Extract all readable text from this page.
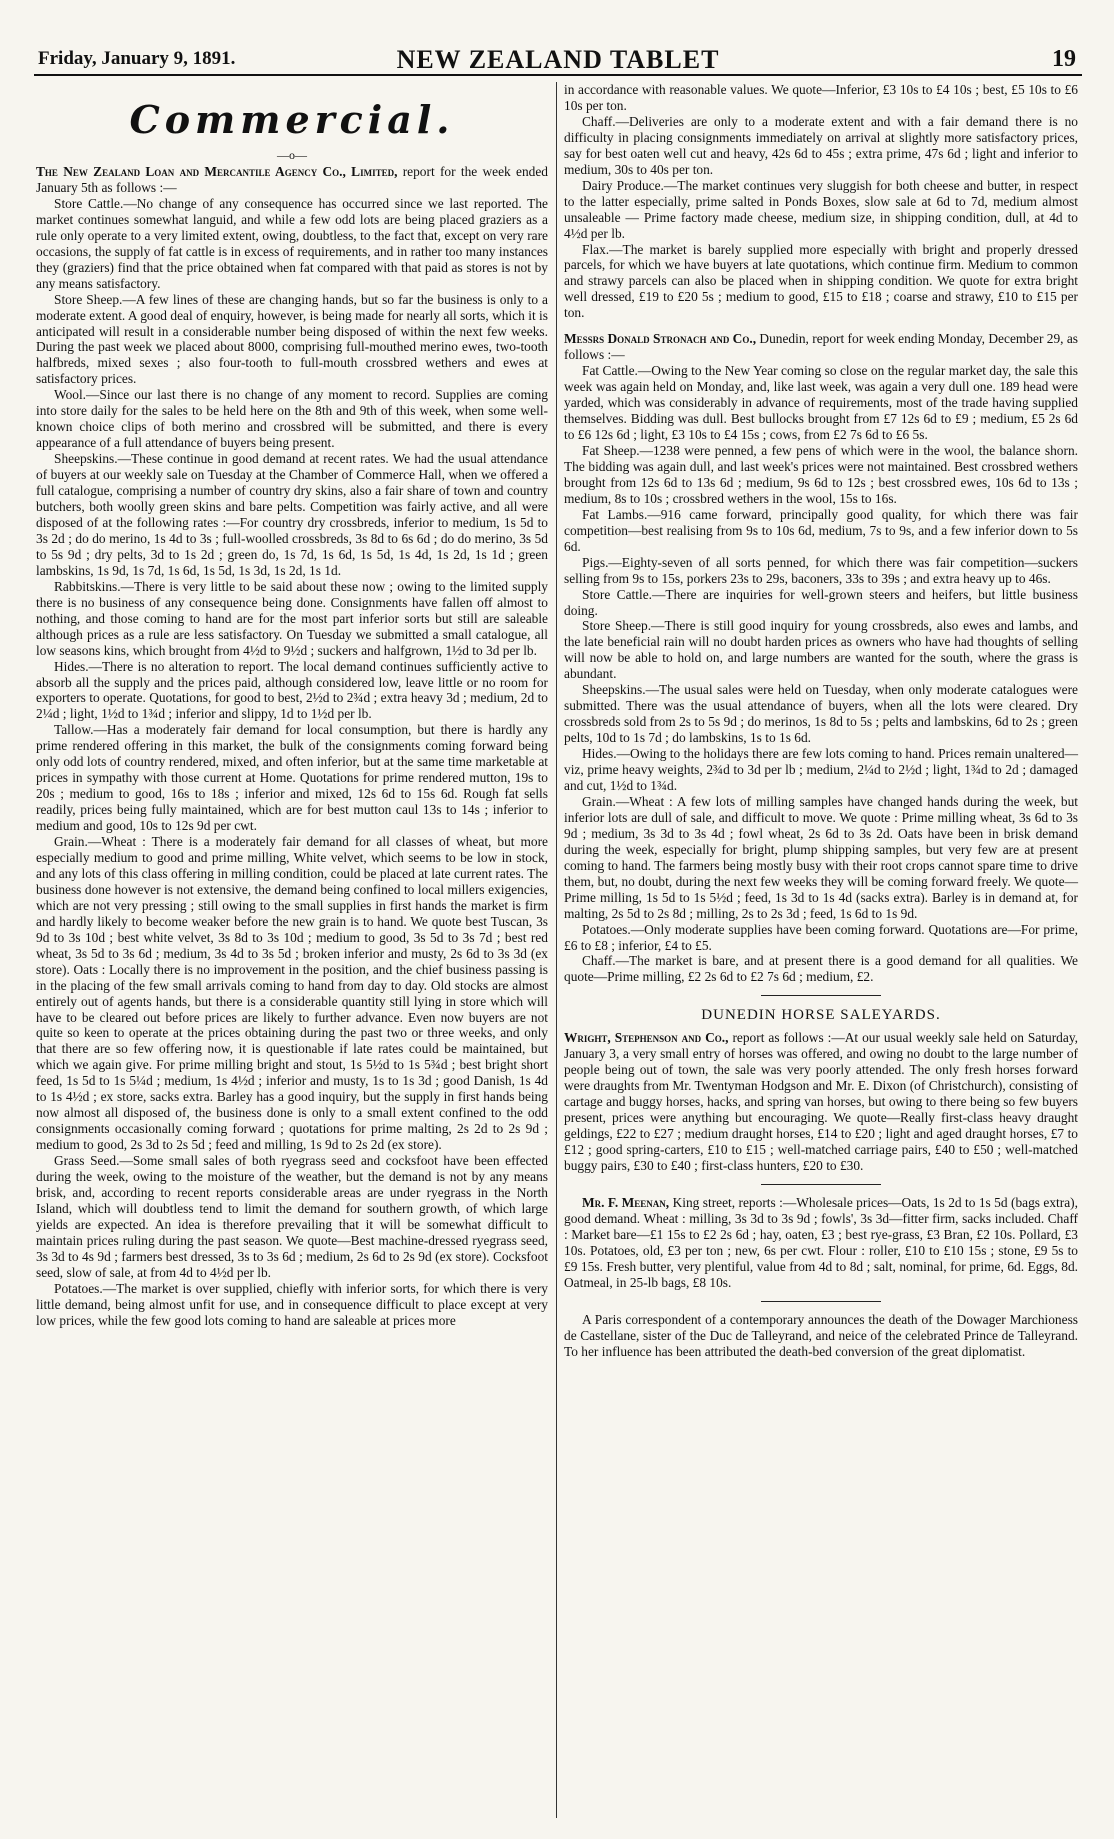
Friday, January 9, 1891.	NEW ZEALAND TABLET	19
Commercial.
—o—

The New Zealand Loan and Mercantile Agency Co., Limited, report for the week ended January 5th as follows :—

Store Cattle.—No change of any consequence has occurred since we last reported. The market continues somewhat languid, and while a few odd lots are being placed graziers as a rule only operate to a very limited extent, owing, doubtless, to the fact that, except on very rare occasions, the supply of fat cattle is in excess of requirements, and in rather too many instances they (graziers) find that the price obtained when fat compared with that paid as stores is not by any means satisfactory.

Store Sheep.—A few lines of these are changing hands, but so far the business is only to a moderate extent. A good deal of enquiry, however, is being made for nearly all sorts, which it is anticipated will result in a considerable number being disposed of within the next few weeks. During the past week we placed about 8000, comprising full-mouthed merino ewes, two-tooth halfbreds, mixed sexes ; also four-tooth to full-mouth crossbred wethers and ewes at satisfactory prices.

Wool.—Since our last there is no change of any moment to record. Supplies are coming into store daily for the sales to be held here on the 8th and 9th of this week, when some well-known choice clips of both merino and crossbred will be submitted, and there is every appearance of a full attendance of buyers being present.

Sheepskins.—These continue in good demand at recent rates. We had the usual attendance of buyers at our weekly sale on Tuesday at the Chamber of Commerce Hall, when we offered a full catalogue, comprising a number of country dry skins, also a fair share of town and country butchers, both woolly green skins and bare pelts. Competition was fairly active, and all were disposed of at the following rates :—For country dry crossbreds, inferior to medium, 1s 5d to 3s 2d ; do do merino, 1s 4d to 3s ; full-woolled crossbreds, 3s 8d to 6s 6d ; do do merino, 3s 5d to 5s 9d ; dry pelts, 3d to 1s 2d ; green do, 1s 7d, 1s 6d, 1s 5d, 1s 4d, 1s 2d, 1s 1d ; green lambskins, 1s 9d, 1s 7d, 1s 6d, 1s 5d, 1s 3d, 1s 2d, 1s 1d.

Rabbitskins.—There is very little to be said about these now ; owing to the limited supply there is no business of any consequence being done. Consignments have fallen off almost to nothing, and those coming to hand are for the most part inferior sorts but still are saleable although prices as a rule are less satisfactory. On Tuesday we submitted a small catalogue, all low seasons kins, which brought from 4½d to 9½d ; suckers and halfgrown, 1½d to 3d per lb.

Hides.—There is no alteration to report. The local demand continues sufficiently active to absorb all the supply and the prices paid, although considered low, leave little or no room for exporters to operate. Quotations, for good to best, 2½d to 2¾d ; extra heavy 3d ; medium, 2d to 2¼d ; light, 1½d to 1¾d ; inferior and slippy, 1d to 1½d per lb.

Tallow.—Has a moderately fair demand for local consumption, but there is hardly any prime rendered offering in this market, the bulk of the consignments coming forward being only odd lots of country rendered, mixed, and often inferior, but at the same time marketable at prices in sympathy with those current at Home. Quotations for prime rendered mutton, 19s to 20s ; medium to good, 16s to 18s ; inferior and mixed, 12s 6d to 15s 6d. Rough fat sells readily, prices being fully maintained, which are for best mutton caul 13s to 14s ; inferior to medium and good, 10s to 12s 9d per cwt.

Grain.—Wheat : There is a moderately fair demand for all classes of wheat, but more especially medium to good and prime milling, White velvet, which seems to be low in stock, and any lots of this class offering in milling condition, could be placed at late current rates. The business done however is not extensive, the demand being confined to local millers exigencies, which are not very pressing ; still owing to the small supplies in first hands the market is firm and hardly likely to become weaker before the new grain is to hand. We quote best Tuscan, 3s 9d to 3s 10d ; best white velvet, 3s 8d to 3s 10d ; medium to good, 3s 5d to 3s 7d ; best red wheat, 3s 5d to 3s 6d ; medium, 3s 4d to 3s 5d ; broken inferior and musty, 2s 6d to 3s 3d (ex store). Oats : Locally there is no improvement in the position, and the chief business passing is in the placing of the few small arrivals coming to hand from day to day. Old stocks are almost entirely out of agents hands, but there is a considerable quantity still lying in store which will have to be cleared out before prices are likely to further advance. Even now buyers are not quite so keen to operate at the prices obtaining during the past two or three weeks, and only that there are so few offering now, it is questionable if late rates could be maintained, but which we again give. For prime milling bright and stout, 1s 5½d to 1s 5¾d ; best bright short feed, 1s 5d to 1s 5¼d ; medium, 1s 4½d ; inferior and musty, 1s to 1s 3d ; good Danish, 1s 4d to 1s 4½d ; ex store, sacks extra. Barley has a good inquiry, but the supply in first hands being now almost all disposed of, the business done is only to a small extent confined to the odd consignments occasionally coming forward ; quotations for prime malting, 2s 2d to 2s 9d ; medium to good, 2s 3d to 2s 5d ; feed and milling, 1s 9d to 2s 2d (ex store).

Grass Seed.—Some small sales of both ryegrass seed and cocksfoot have been effected during the week, owing to the moisture of the weather, but the demand is not by any means brisk, and, according to recent reports considerable areas are under ryegrass in the North Island, which will doubtless tend to limit the demand for southern growth, of which large yields are expected. An idea is therefore prevailing that it will be somewhat difficult to maintain prices ruling during the past season. We quote—Best machine-dressed ryegrass seed, 3s 3d to 4s 9d ; farmers best dressed, 3s to 3s 6d ; medium, 2s 6d to 2s 9d (ex store). Cocksfoot seed, slow of sale, at from 4d to 4½d per lb.

Potatoes.—The market is over supplied, chiefly with inferior sorts, for which there is very little demand, being almost unfit for use, and in consequence difficult to place except at very low prices, while the few good lots coming to hand are saleable at prices more

in accordance with reasonable values. We quote—Inferior, £3 10s to £4 10s ; best, £5 10s to £6 10s per ton.

Chaff.—Deliveries are only to a moderate extent and with a fair demand there is no difficulty in placing consignments immediately on arrival at slightly more satisfactory prices, say for best oaten well cut and heavy, 42s 6d to 45s ; extra prime, 47s 6d ; light and inferior to medium, 30s to 40s per ton.

Dairy Produce.—The market continues very sluggish for both cheese and butter, in respect to the latter especially, prime salted in Ponds Boxes, slow sale at 6d to 7d, medium almost unsaleable — Prime factory made cheese, medium size, in shipping condition, dull, at 4d to 4½d per lb.

Flax.—The market is barely supplied more especially with bright and properly dressed parcels, for which we have buyers at late quotations, which continue firm. Medium to common and strawy parcels can also be placed when in shipping condition. We quote for extra bright well dressed, £19 to £20 5s ; medium to good, £15 to £18 ; coarse and strawy, £10 to £15 per ton.

Messrs Donald Stronach and Co., Dunedin, report for week ending Monday, December 29, as follows :—

Fat Cattle.—Owing to the New Year coming so close on the regular market day, the sale this week was again held on Monday, and, like last week, was again a very dull one. 189 head were yarded, which was considerably in advance of requirements, most of the trade having supplied themselves. Bidding was dull. Best bullocks brought from £7 12s 6d to £9 ; medium, £5 2s 6d to £6 12s 6d ; light, £3 10s to £4 15s ; cows, from £2 7s 6d to £6 5s.

Fat Sheep.—1238 were penned, a few pens of which were in the wool, the balance shorn. The bidding was again dull, and last week's prices were not maintained. Best crossbred wethers brought from 12s 6d to 13s 6d ; medium, 9s 6d to 12s ; best crossbred ewes, 10s 6d to 13s ; medium, 8s to 10s ; crossbred wethers in the wool, 15s to 16s.

Fat Lambs.—916 came forward, principally good quality, for which there was fair competition—best realising from 9s to 10s 6d, medium, 7s to 9s, and a few inferior down to 5s 6d.

Pigs.—Eighty-seven of all sorts penned, for which there was fair competition—suckers selling from 9s to 15s, porkers 23s to 29s, baconers, 33s to 39s ; and extra heavy up to 46s.

Store Cattle.—There are inquiries for well-grown steers and heifers, but little business doing.

Store Sheep.—There is still good inquiry for young crossbreds, also ewes and lambs, and the late beneficial rain will no doubt harden prices as owners who have had thoughts of selling will now be able to hold on, and large numbers are wanted for the south, where the grass is abundant.

Sheepskins.—The usual sales were held on Tuesday, when only moderate catalogues were submitted. There was the usual attendance of buyers, when all the lots were cleared. Dry crossbreds sold from 2s to 5s 9d ; do merinos, 1s 8d to 5s ; pelts and lambskins, 6d to 2s ; green pelts, 10d to 1s 7d ; do lambskins, 1s to 1s 6d.

Hides.—Owing to the holidays there are few lots coming to hand. Prices remain unaltered—viz, prime heavy weights, 2¾d to 3d per lb ; medium, 2¼d to 2½d ; light, 1¾d to 2d ; damaged and cut, 1½d to 1¾d.

Grain.—Wheat : A few lots of milling samples have changed hands during the week, but inferior lots are dull of sale, and difficult to move. We quote : Prime milling wheat, 3s 6d to 3s 9d ; medium, 3s 3d to 3s 4d ; fowl wheat, 2s 6d to 3s 2d. Oats have been in brisk demand during the week, especially for bright, plump shipping samples, but very few are at present coming to hand. The farmers being mostly busy with their root crops cannot spare time to drive them, but, no doubt, during the next few weeks they will be coming forward freely. We quote—Prime milling, 1s 5d to 1s 5½d ; feed, 1s 3d to 1s 4d (sacks extra). Barley is in demand at, for malting, 2s 5d to 2s 8d ; milling, 2s to 2s 3d ; feed, 1s 6d to 1s 9d.

Potatoes.—Only moderate supplies have been coming forward. Quotations are—For prime, £6 to £8 ; inferior, £4 to £5.

Chaff.—The market is bare, and at present there is a good demand for all qualities. We quote—Prime milling, £2 2s 6d to £2 7s 6d ; medium, £2.

DUNEDIN HORSE SALEYARDS.

Wright, Stephenson and Co., report as follows :—At our usual weekly sale held on Saturday, January 3, a very small entry of horses was offered, and owing no doubt to the large number of people being out of town, the sale was very poorly attended. The only fresh horses forward were draughts from Mr. Twentyman Hodgson and Mr. E. Dixon (of Christchurch), consisting of cartage and buggy horses, hacks, and spring van horses, but owing to there being so few buyers present, prices were anything but encouraging. We quote—Really first-class heavy draught geldings, £22 to £27 ; medium draught horses, £14 to £20 ; light and aged draught horses, £7 to £12 ; good spring-carters, £10 to £15 ; well-matched carriage pairs, £40 to £50 ; well-matched buggy pairs, £30 to £40 ; first-class hunters, £20 to £30.

Mr. F. Meenan, King street, reports :—Wholesale prices—Oats, 1s 2d to 1s 5d (bags extra), good demand. Wheat : milling, 3s 3d to 3s 9d ; fowls', 3s 3d—fitter firm, sacks included. Chaff : Market bare—£1 15s to £2 2s 6d ; hay, oaten, £3 ; best rye-grass, £3 Bran, £2 10s. Pollard, £3 10s. Potatoes, old, £3 per ton ; new, 6s per cwt. Flour : roller, £10 to £10 15s ; stone, £9 5s to £9 15s. Fresh butter, very plentiful, value from 4d to 8d ; salt, nominal, for prime, 6d. Eggs, 8d. Oatmeal, in 25-lb bags, £8 10s.

A Paris correspondent of a contemporary announces the death of the Dowager Marchioness de Castellane, sister of the Duc de Talleyrand, and neice of the celebrated Prince de Talleyrand. To her influence has been attributed the death-bed conversion of the great diplomatist.
